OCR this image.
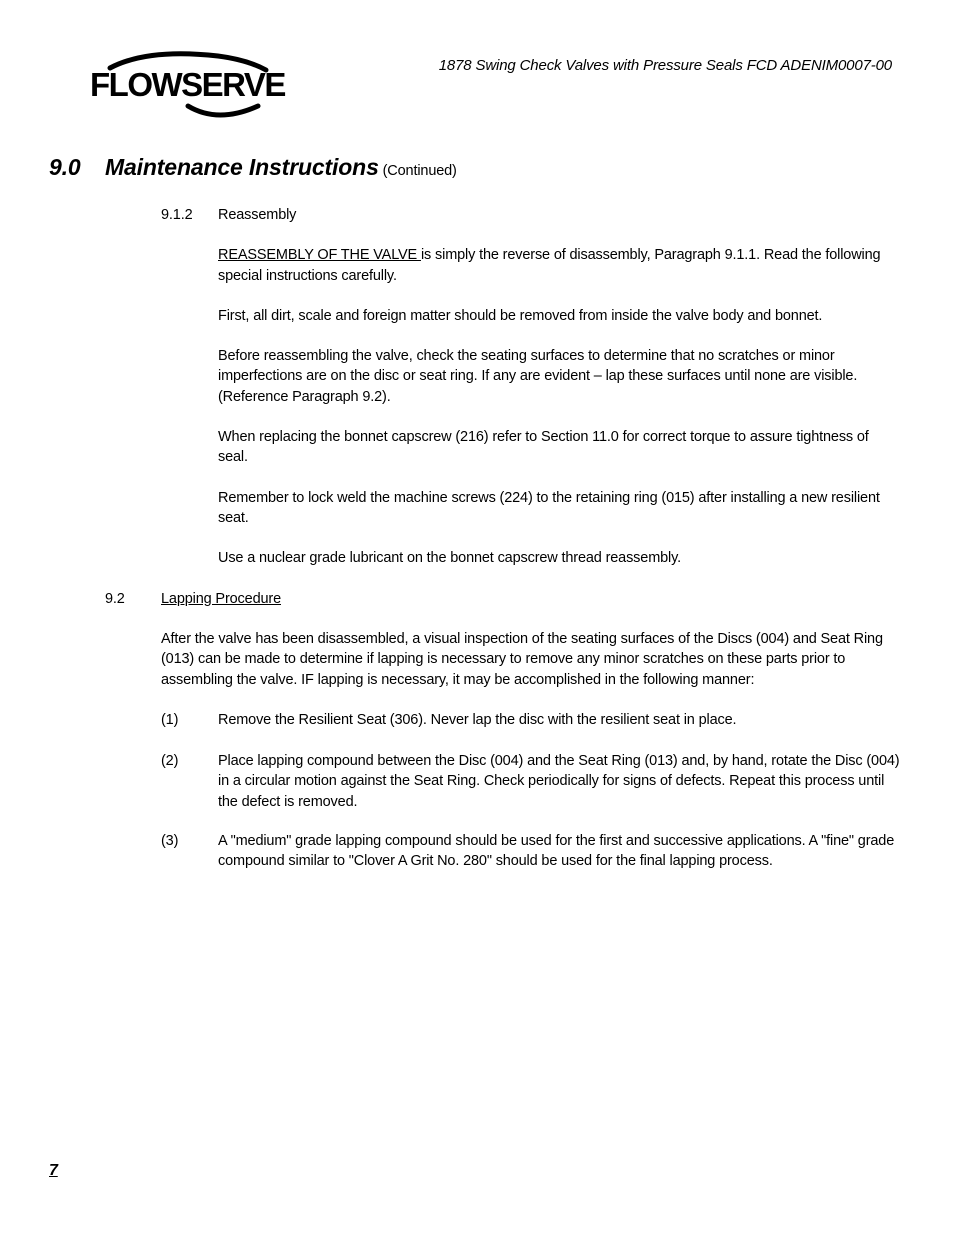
FLOWSERVE
1878 Swing Check Valves with Pressure Seals FCD ADENIM0007-00
9.0 Maintenance Instructions (Continued)
9.1.2 Reassembly
REASSEMBLY OF THE VALVE is simply the reverse of disassembly, Paragraph 9.1.1. Read the following
special instructions carefully.
First, all dirt, scale and foreign matter should be removed from inside the valve body and bonnet.
Before reassembling the valve, check the seating surfaces to determine that no scratches or minor
imperfections are on the disc or seat ring. If any are evident – lap these surfaces until none are visible.
(Reference Paragraph 9.2).
When replacing the bonnet capscrew (216) refer to Section 11.0 for correct torque to assure tightness of
seal.
Remember to lock weld the machine screws (224) to the retaining ring (015) after installing a new resilient
seat.
Use a nuclear grade lubricant on the bonnet capscrew thread reassembly.
9.2	Lapping Procedure
After the valve has been disassembled, a visual inspection of the seating surfaces of the Discs (004) and Seat Ring
(013) can be made to determine if lapping is necessary to remove any minor scratches on these parts prior to
assembling the valve. IF lapping is necessary, it may be accomplished in the following manner:
(1)	Remove the Resilient Seat (306). Never lap the disc with the resilient seat in place.
(2)	Place lapping compound between the Disc (004) and the Seat Ring (013) and, by hand, rotate the Disc (004)
in a circular motion against the Seat Ring. Check periodically for signs of defects. Repeat this process until
the defect is removed.
(3)	A "medium" grade lapping compound should be used for the first and successive applications. A "fine" grade
compound similar to "Clover A Grit No. 280" should be used for the final lapping process.
7
